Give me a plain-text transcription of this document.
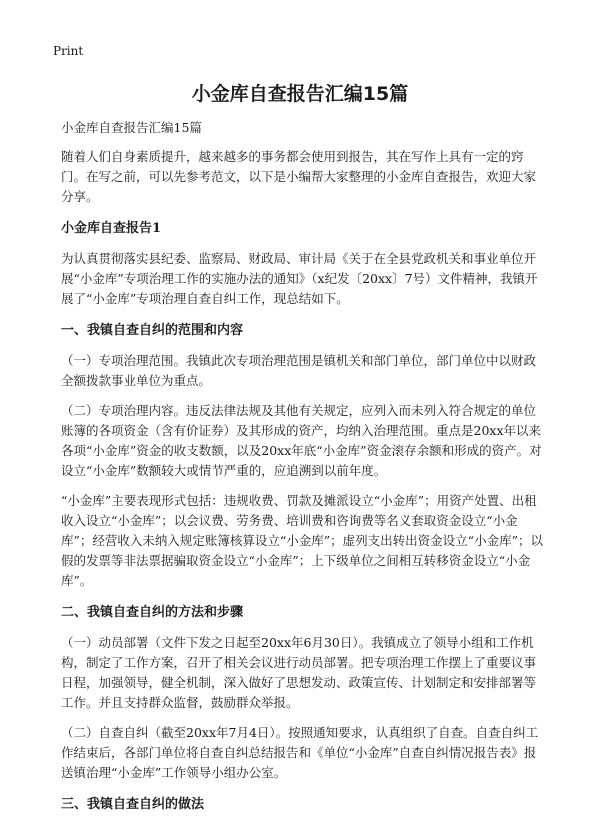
Print
小金库自查报告汇编15篇

小金库自查报告汇编15篇

随着人们自身素质提升，越来越多的事务都会使用到报告，其在写作上具有一定的窍门。在写之前，可以先参考范文，以下是小编帮大家整理的小金库自查报告，欢迎大家分享。

小金库自查报告1

为认真贯彻落实县纪委、监察局、财政局、审计局《关于在全县党政机关和事业单位开展“小金库”专项治理工作的实施办法的通知》（x纪发〔20xx〕7号）文件精神，我镇开展了“小金库”专项治理自查自纠工作，现总结如下。

一、我镇自查自纠的范围和内容

（一）专项治理范围。我镇此次专项治理范围是镇机关和部门单位，部门单位中以财政全额拨款事业单位为重点。

（二）专项治理内容。违反法律法规及其他有关规定，应列入而未列入符合规定的单位账簿的各项资金（含有价证券）及其形成的资产，均纳入治理范围。重点是20xx年以来各项“小金库”资金的收支数额，以及20xx年底“小金库”资金滚存余额和形成的资产。对设立“小金库”数额较大或情节严重的，应追溯到以前年度。

“小金库”主要表现形式包括：违规收费、罚款及摊派设立“小金库”；用资产处置、出租收入设立“小金库”；以会议费、劳务费、培训费和咨询费等名义套取资金设立“小金库”；经营收入未纳入规定账簿核算设立“小金库”；虚列支出转出资金设立“小金库”；以假的发票等非法票据骗取资金设立“小金库”；上下级单位之间相互转移资金设立“小金库”。

二、我镇自查自纠的方法和步骤

（一）动员部署（文件下发之日起至20xx年6月30日）。我镇成立了领导小组和工作机构，制定了工作方案，召开了相关会议进行动员部署。把专项治理工作摆上了重要议事日程，加强领导，健全机制，深入做好了思想发动、政策宣传、计划制定和安排部署等工作。并且支持群众监督，鼓励群众举报。

（二）自查自纠（截至20xx年7月4日）。按照通知要求，认真组织了自查。自查自纠工作结束后，各部门单位将自查自纠总结报告和《单位“小金库”自查自纠情况报告表》报送镇治理“小金库”工作领导小组办公室。

三、我镇自查自纠的做法
